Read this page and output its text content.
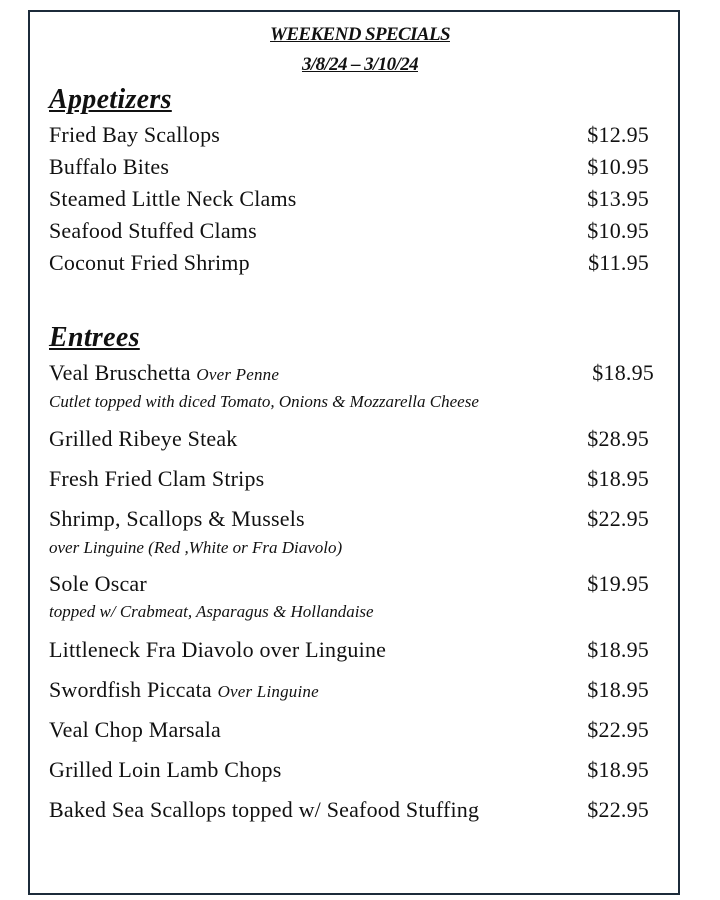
WEEKEND SPECIALS
3/8/24 – 3/10/24
Appetizers
Fried Bay Scallops	$12.95
Buffalo Bites	$10.95
Steamed Little Neck Clams	$13.95
Seafood Stuffed Clams	$10.95
Coconut Fried Shrimp	$11.95
Entrees
Veal Bruschetta Over Penne	$18.95
Cutlet topped with diced Tomato, Onions & Mozzarella Cheese
Grilled Ribeye Steak	$28.95
Fresh Fried Clam Strips	$18.95
Shrimp, Scallops & Mussels	$22.95
over Linguine (Red ,White or Fra Diavolo)
Sole Oscar	$19.95
topped w/ Crabmeat, Asparagus & Hollandaise
Littleneck Fra Diavolo over Linguine	$18.95
Swordfish Piccata Over Linguine	$18.95
Veal Chop Marsala	$22.95
Grilled Loin Lamb Chops	$18.95
Baked Sea Scallops topped w/ Seafood Stuffing	$22.95
